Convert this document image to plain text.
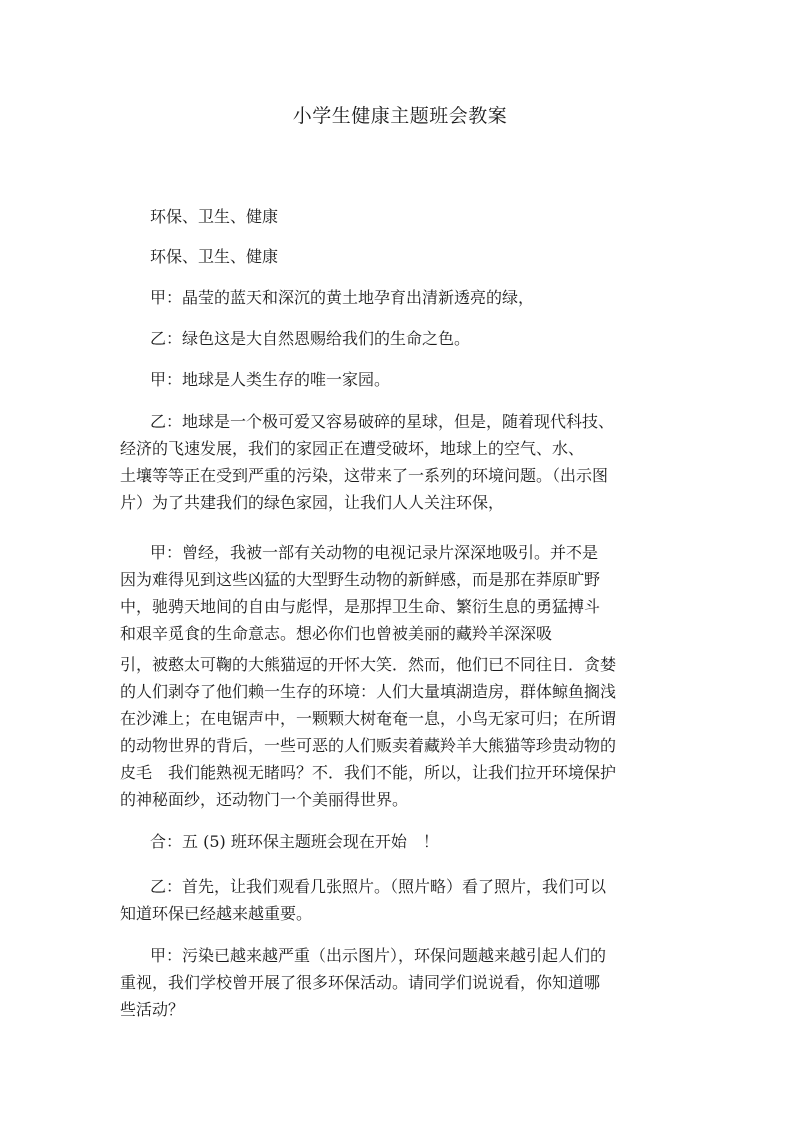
小学生健康主题班会教案
环保、卫生、健康
环保、卫生、健康
甲：晶莹的蓝天和深沉的黄土地孕育出清新透亮的绿，
乙：绿色这是大自然恩赐给我们的生命之色。
甲：地球是人类生存的唯一家园。
乙：地球是一个极可爱又容易破碎的星球，但是，随着现代科技、
经济的飞速发展，我们的家园正在遭受破坏，地球上的空气、水、
土壤等等正在受到严重的污染，这带来了一系列的环境问题。（出示图
片）为了共建我们的绿色家园，让我们人人关注环保，
甲：曾经，我被一部有关动物的电视记录片深深地吸引。并不是
因为难得见到这些凶猛的大型野生动物的新鲜感，而是那在莽原旷野
中，驰骋天地间的自由与彪悍，是那捍卫生命、繁衍生息的勇猛搏斗
和艰辛觅食的生命意志。想必你们也曾被美丽的藏羚羊深深吸
引，被憨太可鞠的大熊猫逗的开怀大笑．然而，他们已不同往日．贪婪
的人们剥夺了他们赖一生存的环境：人们大量填湖造房，群体鲸鱼搁浅
在沙滩上；在电锯声中，一颗颗大树奄奄一息，小鸟无家可归；在所谓
的动物世界的背后，一些可恶的人们贩卖着藏羚羊大熊猫等珍贵动物的
皮毛　我们能熟视无睹吗？不．我们不能，所以，让我们拉开环境保护
的神秘面纱，还动物门一个美丽得世界。
合：五 (5) 班环保主题班会现在开始　！
乙：首先，让我们观看几张照片。（照片略）看了照片，我们可以
知道环保已经越来越重要。
甲：污染已越来越严重（出示图片），环保问题越来越引起人们的
重视，我们学校曾开展了很多环保活动。请同学们说说看，你知道哪
些活动？
